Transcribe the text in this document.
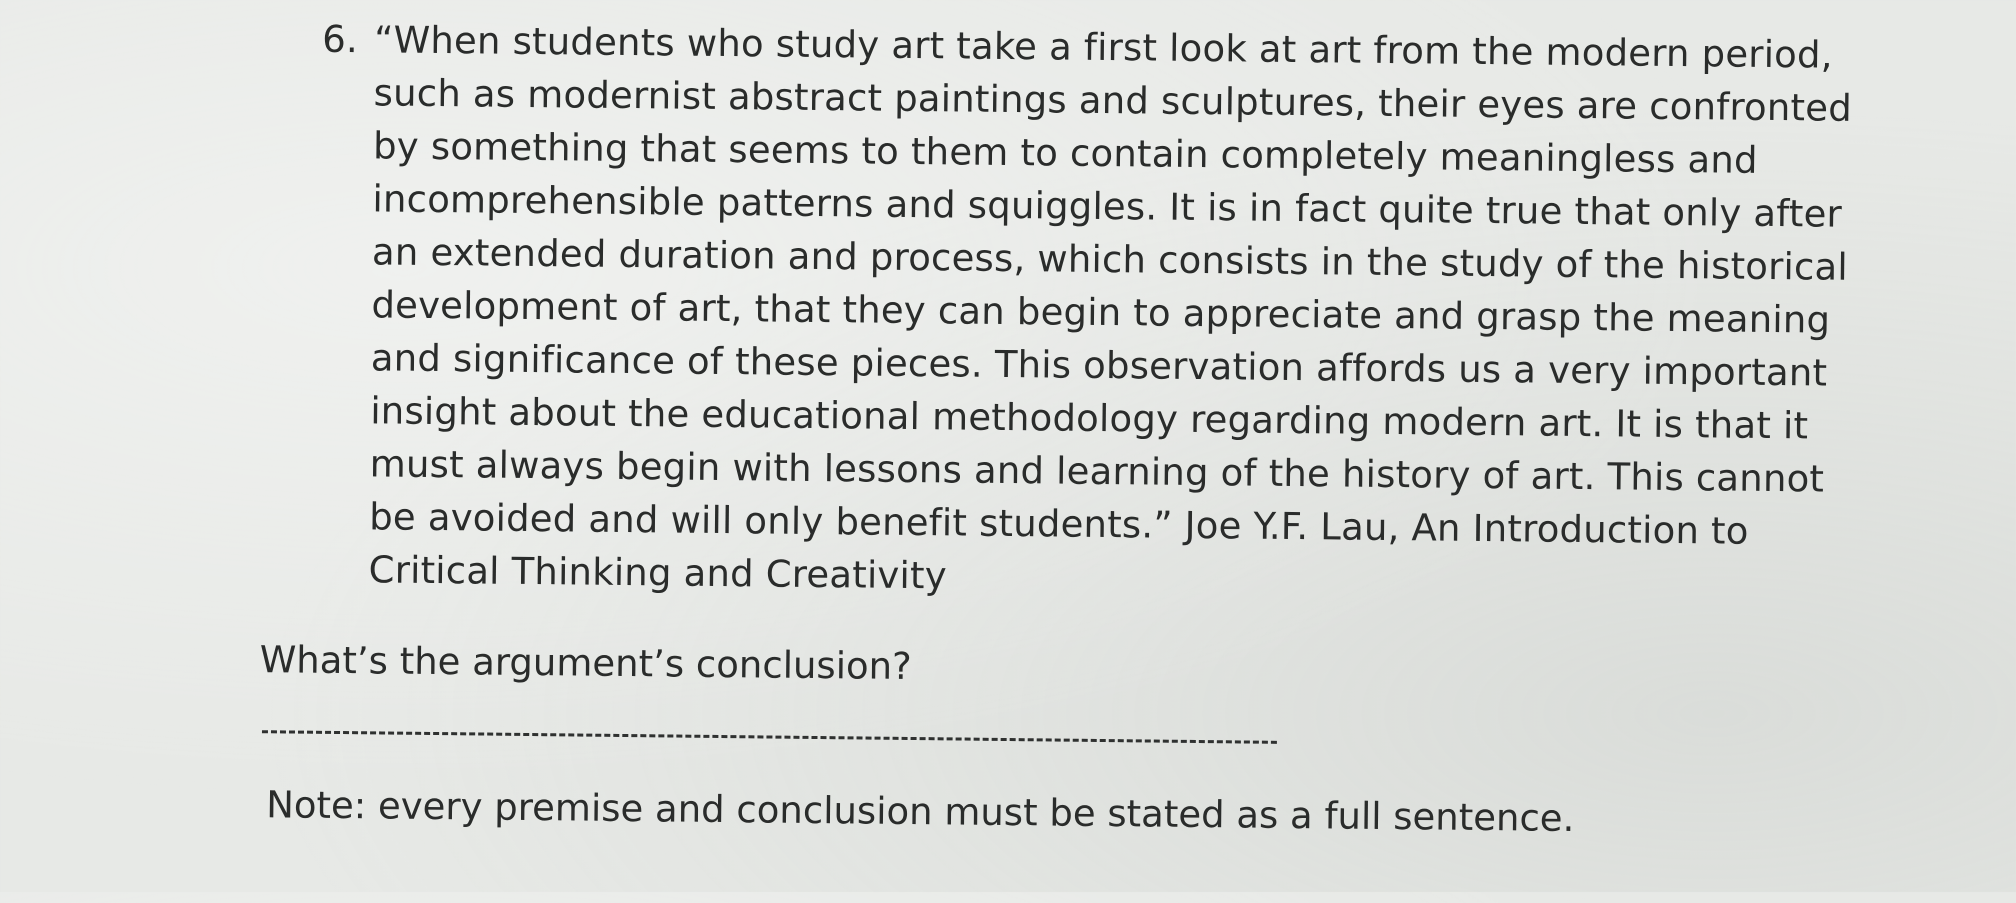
6. “When students who study art take a first look at art from the modern period,
such as modernist abstract paintings and sculptures, their eyes are confronted
by something that seems to them to contain completely meaningless and
incomprehensible patterns and squiggles. It is in fact quite true that only after
an extended duration and process, which consists in the study of the historical
development of art, that they can begin to appreciate and grasp the meaning
and significance of these pieces. This observation affords us a very important
insight about the educational methodology regarding modern art. It is that it
must always begin with lessons and learning of the history of art. This cannot
be avoided and will only benefit students.” Joe Y.F. Lau, An Introduction to
Critical Thinking and Creativity
What’s the argument’s conclusion?
Note: every premise and conclusion must be stated as a full sentence.
